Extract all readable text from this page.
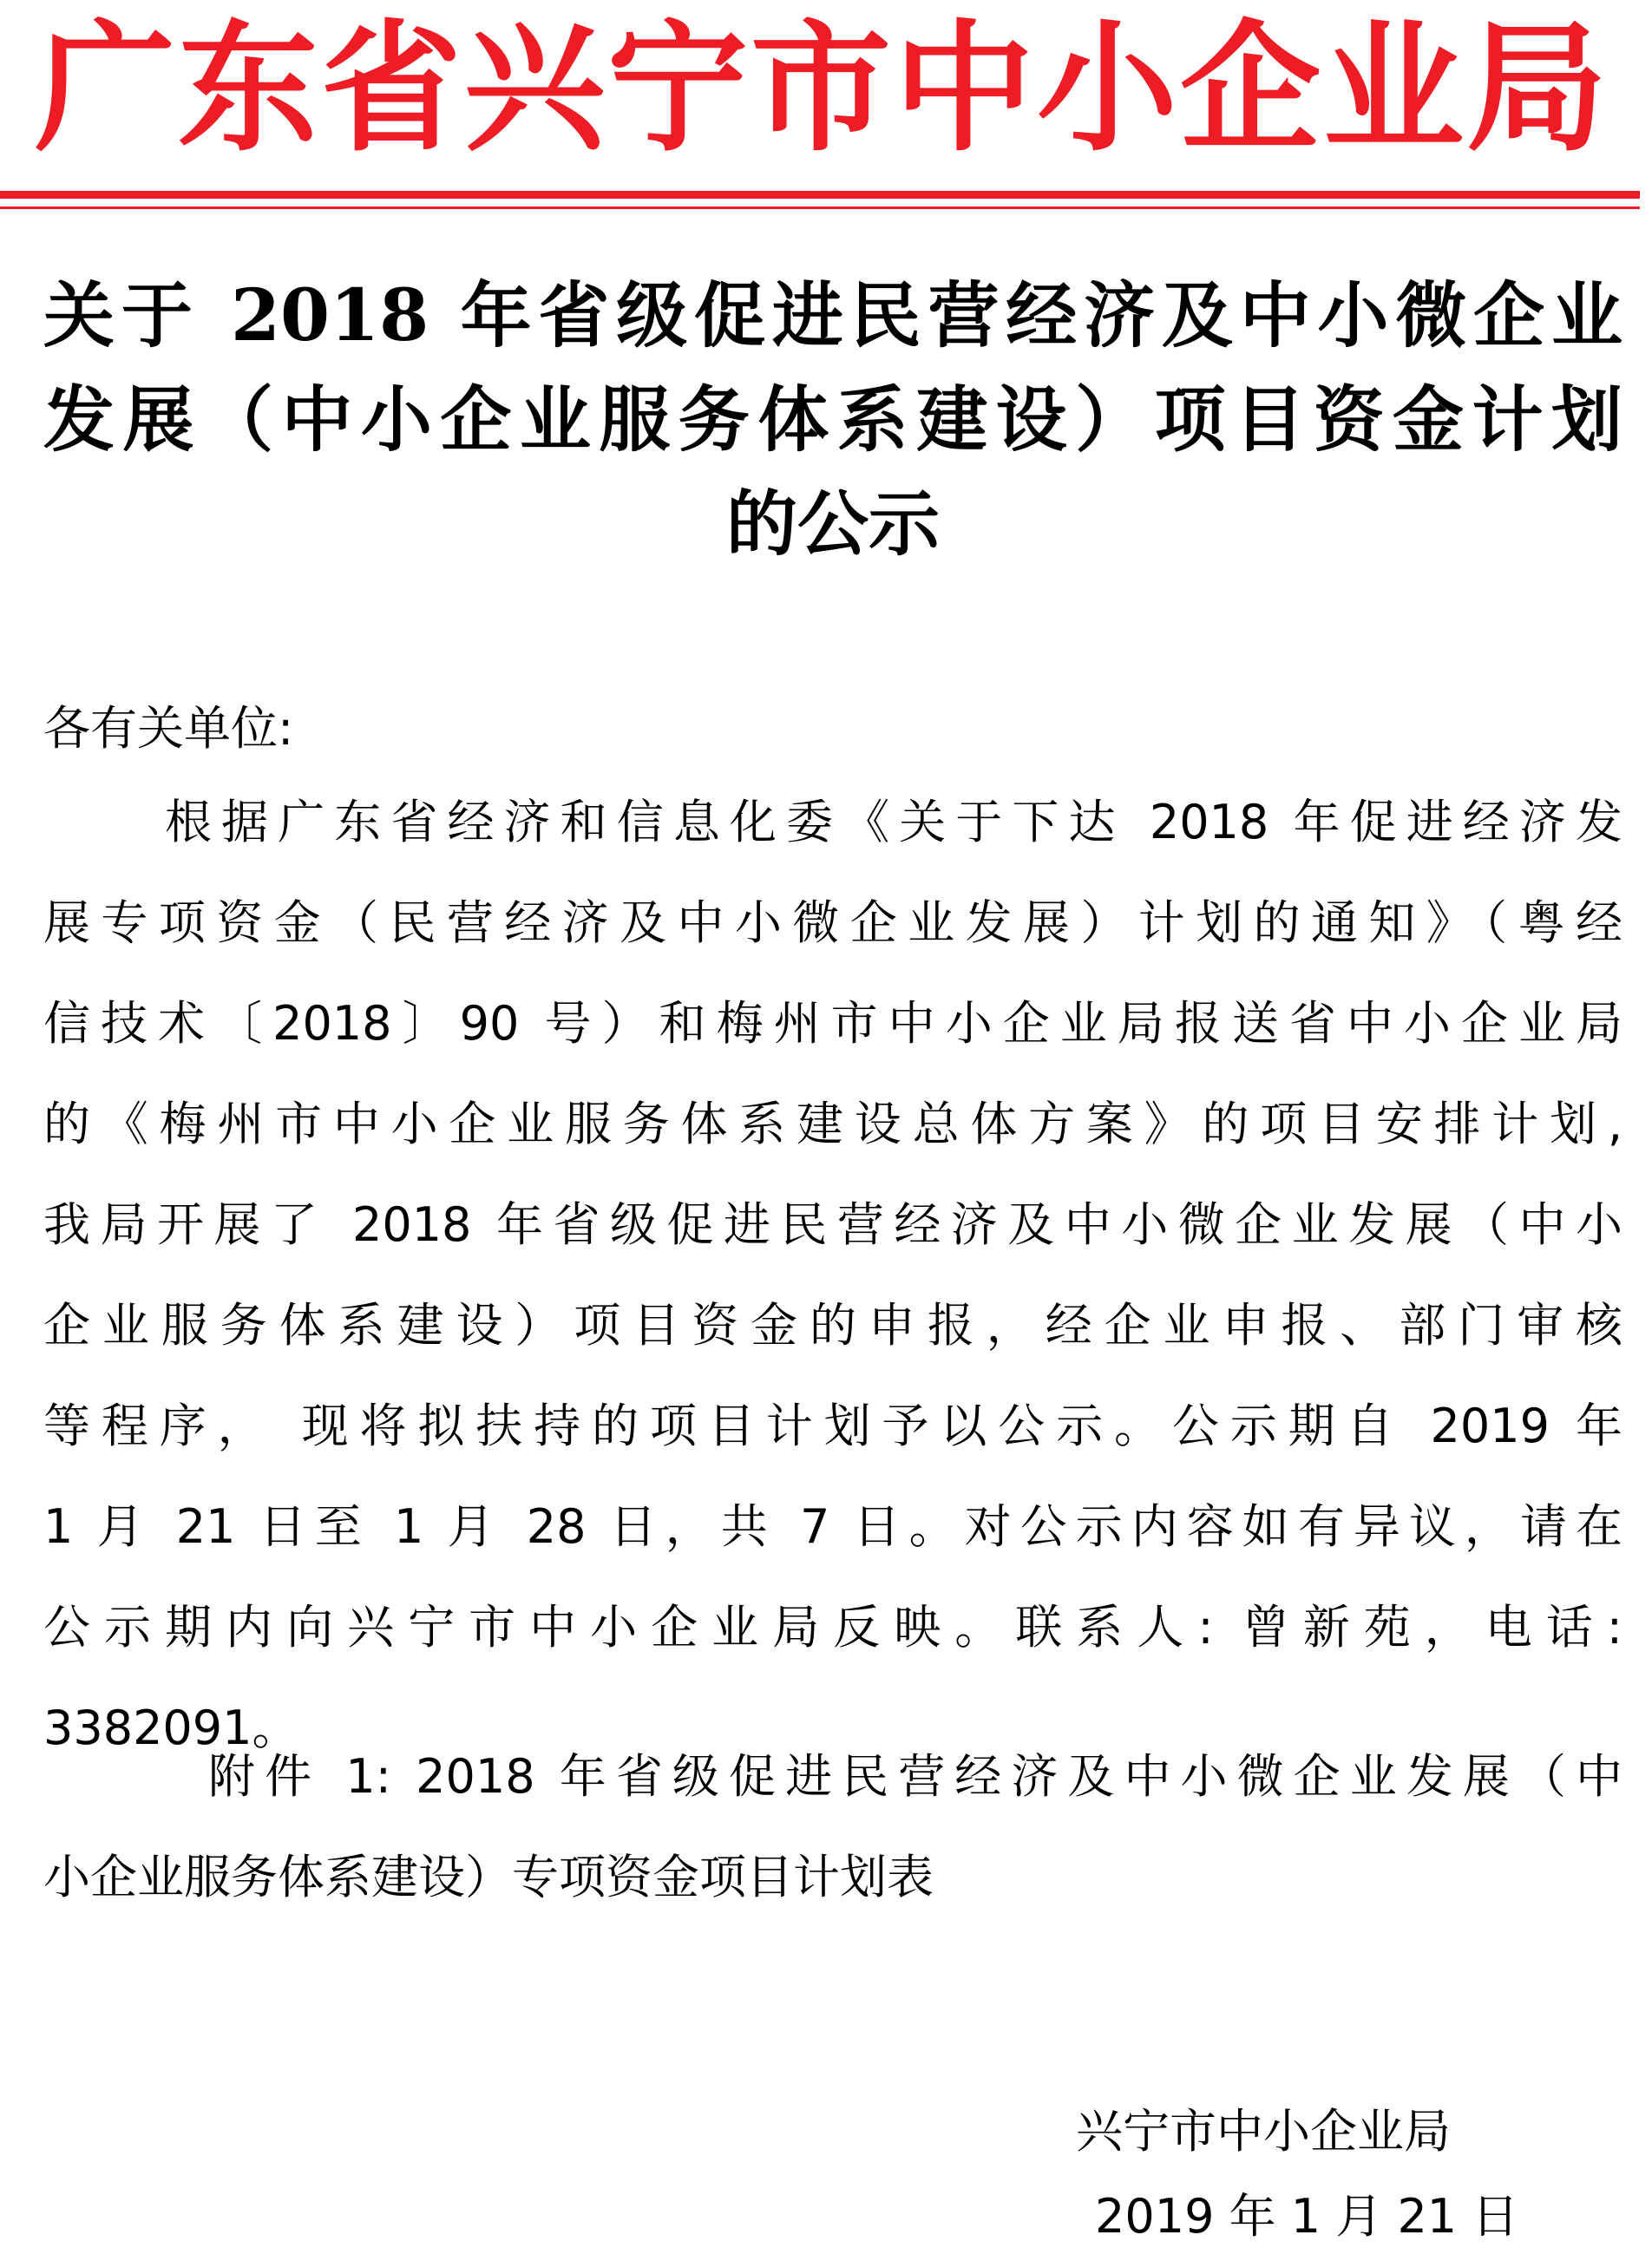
广东省兴宁市中小企业局
关于 2018 年省级促进民营经济及中小微企业
发展（中小企业服务体系建设）项目资金计划
的公示

各有关单位:

根据广东省经济和信息化委《关于下达 2018 年促进经济发
展专项资金（民营经济及中小微企业发展）计划的通知》（粤经
信技术〔2018〕90 号）和梅州市中小企业局报送省中小企业局
的《梅州市中小企业服务体系建设总体方案》的项目安排计划,
我局开展了 2018 年省级促进民营经济及中小微企业发展（中小
企业服务体系建设）项目资金的申报，经企业申报、部门审核
等程序， 现将拟扶持的项目计划予以公示。公示期自 2019 年
1 月 21 日至 1 月 28 日，共 7 日。对公示内容如有异议，请在
公示期内向兴宁市中小企业局反映。联系人: 曾新苑，电话:
3382091。
附件 1: 2018 年省级促进民营经济及中小微企业发展（中
小企业服务体系建设）专项资金项目计划表

兴宁市中小企业局

2019 年 1 月 21 日
